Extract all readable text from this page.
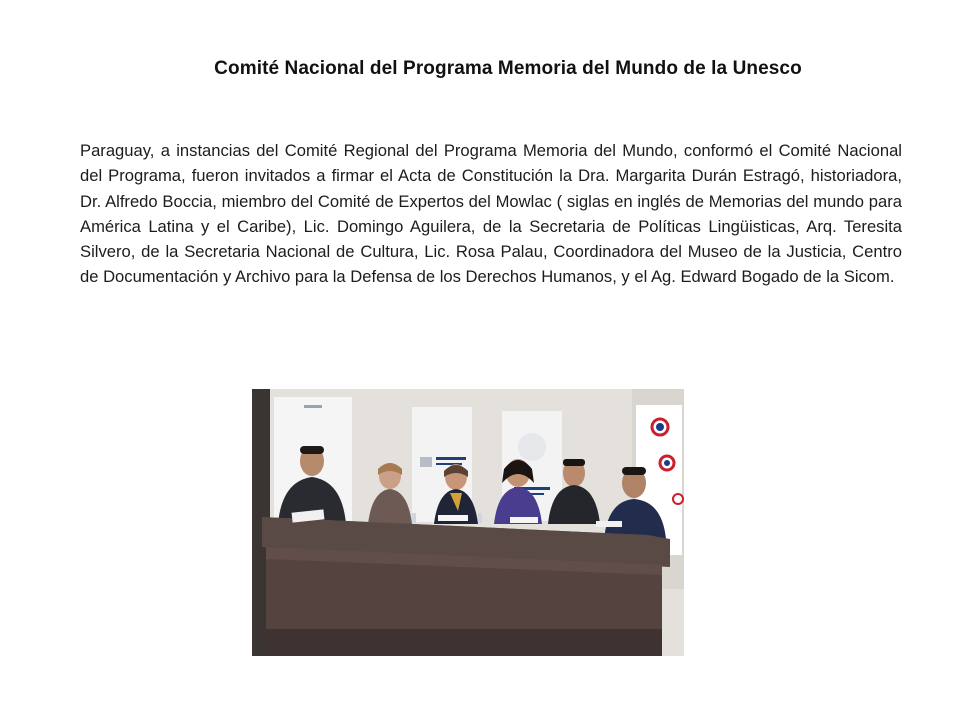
Comité Nacional del Programa Memoria del Mundo de la Unesco
Paraguay, a instancias del Comité Regional del Programa Memoria del Mundo, conformó el Comité Nacional del Programa, fueron invitados a firmar el Acta de Constitución la Dra. Margarita Durán Estragó, historiadora, Dr. Alfredo Boccia, miembro del Comité de Expertos del Mowlac ( siglas en inglés de Memorias del mundo para América Latina y el Caribe), Lic. Domingo Aguilera, de la Secretaria de Políticas Lingüisticas, Arq. Teresita Silvero, de la Secretaria Nacional de Cultura, Lic. Rosa Palau, Coordinadora del Museo de la Justicia, Centro de Documentación y Archivo para la Defensa de los Derechos Humanos, y el Ag. Edward Bogado de la Sicom.
